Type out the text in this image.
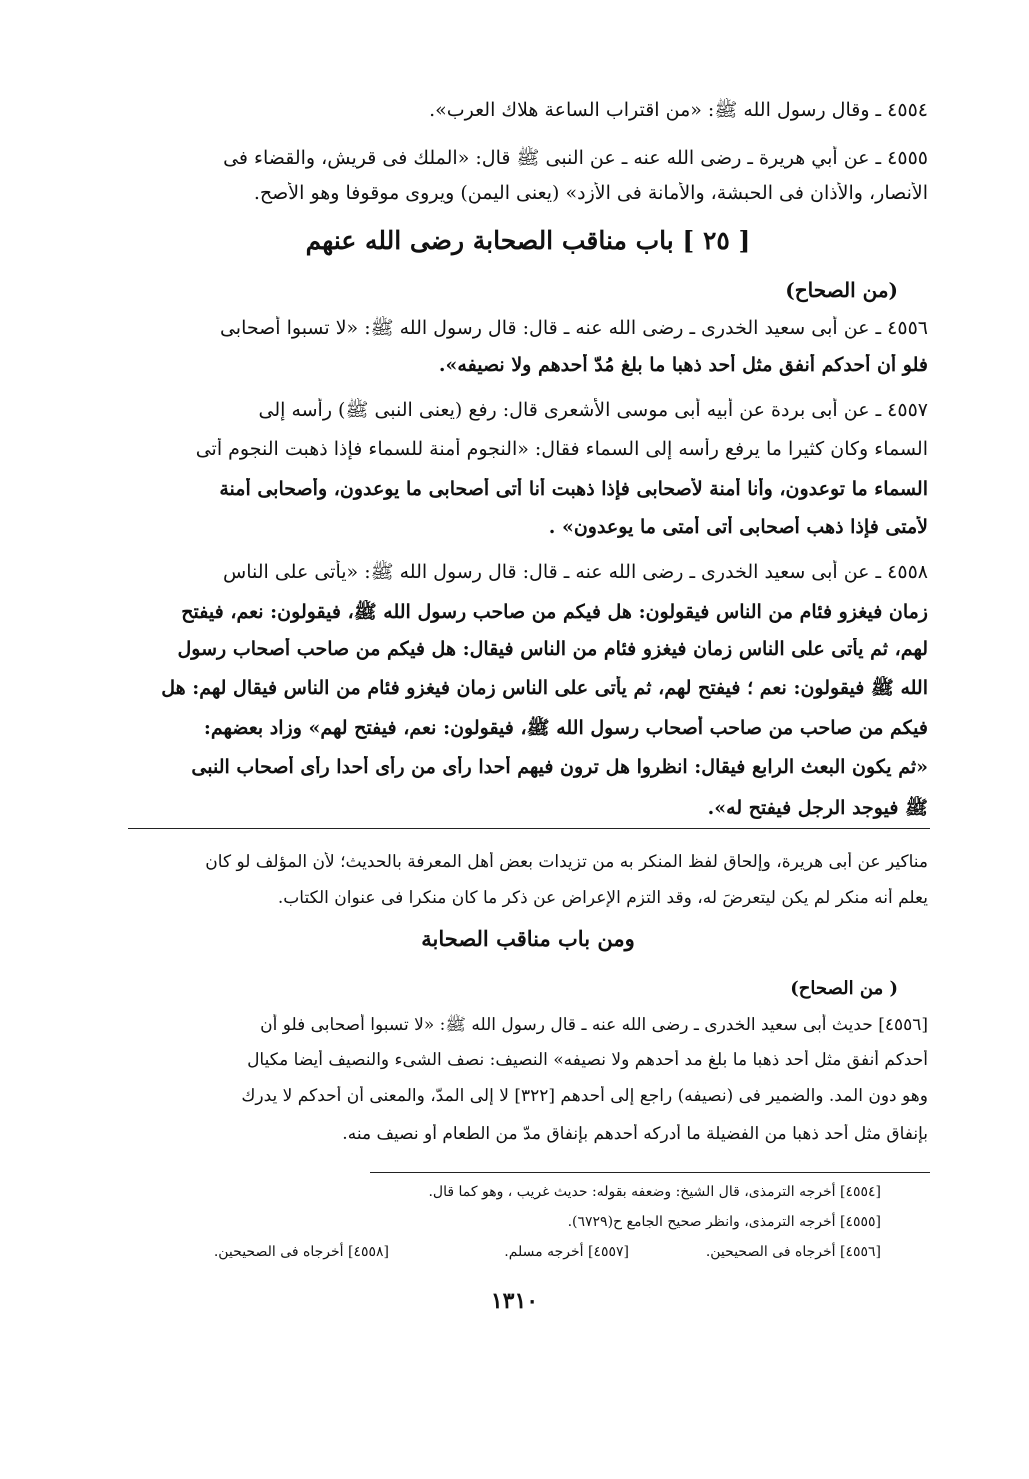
٤٥٥٤ ـ وقال رسول الله ﷺ: «من اقتراب الساعة هلاك العرب».
٤٥٥٥ ـ عن أبي هريرة ـ رضى الله عنه ـ عن النبى ﷺ قال: «الملك فى قريش، والقضاء فى
الأنصار، والأذان فى الحبشة، والأمانة فى الأزد» (يعنى اليمن) ويروى موقوفا وهو الأصح.
[ ٢٥ ] باب مناقب الصحابة رضى الله عنهم
(من الصحاح)
٤٥٥٦ ـ عن أبى سعيد الخدرى ـ رضى الله عنه ـ قال: قال رسول الله ﷺ: «لا تسبوا أصحابى
فلو أن أحدكم أنفق مثل أحد ذهبا ما بلغ مُدّ أحدهم ولا نصيفه».
٤٥٥٧ ـ عن أبى بردة عن أبيه أبى موسى الأشعرى قال: رفع (يعنى النبى ﷺ) رأسه إلى
السماء وكان كثيرا ما يرفع رأسه إلى السماء فقال: «النجوم أمنة للسماء فإذا ذهبت النجوم أتى
السماء ما توعدون، وأنا أمنة لأصحابى فإذا ذهبت أنا أتى أصحابى ما يوعدون، وأصحابى أمنة
لأمتى فإذا ذهب أصحابى أتى أمتى ما يوعدون» .
٤٥٥٨ ـ عن أبى سعيد الخدرى ـ رضى الله عنه ـ قال: قال رسول الله ﷺ: «يأتى على الناس
زمان فيغزو فئام من الناس فيقولون: هل فيكم من صاحب رسول الله ﷺ، فيقولون: نعم، فيفتح
لهم، ثم يأتى على الناس زمان فيغزو فئام من الناس فيقال: هل فيكم من صاحب أصحاب رسول
الله ﷺ فيقولون: نعم ؛ فيفتح لهم، ثم يأتى على الناس زمان فيغزو فئام من الناس فيقال لهم: هل
فيكم من صاحب من صاحب أصحاب رسول الله ﷺ، فيقولون: نعم، فيفتح لهم» وزاد بعضهم:
«ثم يكون البعث الرابع فيقال: انظروا هل ترون فيهم أحدا رأى من رأى أحدا رأى أصحاب النبى
ﷺ فيوجد الرجل فيفتح له».
مناكير عن أبى هريرة، وإلحاق لفظ المنكر به من تزيدات بعض أهل المعرفة بالحديث؛ لأن المؤلف لو كان
يعلم أنه منكر لم يكن ليتعرضَ له، وقد التزم الإعراض عن ذكر ما كان منكرا فى عنوان الكتاب.
ومن باب مناقب الصحابة
( من الصحاح)
[٤٥٥٦] حديث أبى سعيد الخدرى ـ رضى الله عنه ـ قال رسول الله ﷺ: «لا تسبوا أصحابى فلو أن
أحدكم أنفق مثل أحد ذهبا ما بلغ مد أحدهم ولا نصيفه» النصيف: نصف الشىء والنصيف أيضا مكيال
وهو دون المد. والضمير فى (نصيفه) راجع إلى أحدهم [٣٢٢] لا إلى المدّ، والمعنى أن أحدكم لا يدرك
بإنفاق مثل أحد ذهبا من الفضيلة ما أدركه أحدهم بإنفاق مدّ من الطعام أو نصيف منه.
[٤٥٥٤] أخرجه الترمذى، قال الشيخ: وضعفه بقوله: حديث غريب ، وهو كما قال.
[٤٥٥٥] أخرجه الترمذى، وانظر صحيح الجامع ح(٦٧٢٩).
[٤٥٥٦] أخرجاه فى الصحيحين.
[٤٥٥٧] أخرجه مسلم.
[٤٥٥٨] أخرجاه فى الصحيحين.
١٣١٠
